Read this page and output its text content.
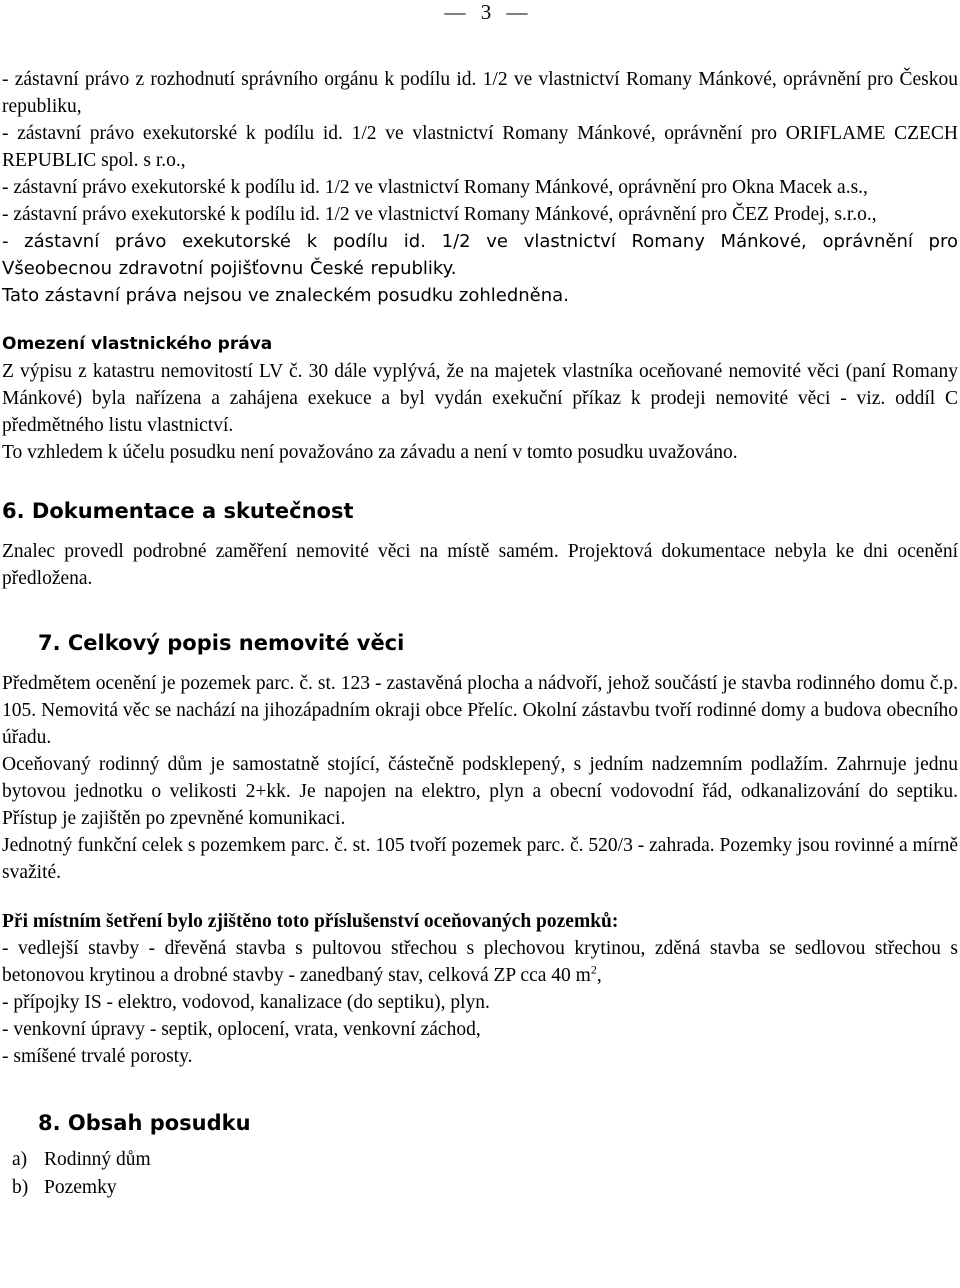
— 3 —

- zástavní právo z rozhodnutí správního orgánu k podílu id. 1/2 ve vlastnictví Romany Mánkové, oprávnění pro Českou republiku,

- zástavní právo exekutorské k podílu id. 1/2 ve vlastnictví Romany Mánkové, oprávnění pro ORIFLAME CZECH REPUBLIC spol. s r.o.,

- zástavní právo exekutorské k podílu id. 1/2 ve vlastnictví Romany Mánkové, oprávnění pro Okna Macek a.s.,

- zástavní právo exekutorské k podílu id. 1/2 ve vlastnictví Romany Mánkové, oprávnění pro ČEZ Prodej, s.r.o.,

- zástavní právo exekutorské k podílu id. 1/2 ve vlastnictví Romany Mánkové, oprávnění pro Všeobecnou zdravotní pojišťovnu České republiky.

Tato zástavní práva nejsou ve znaleckém posudku zohledněna.

Omezení vlastnického práva

Z výpisu z katastru nemovitostí LV č. 30 dále vyplývá, že na majetek vlastníka oceňované nemovité věci (paní Romany Mánkové) byla nařízena a zahájena exekuce a byl vydán exekuční příkaz k prodeji nemovité věci - viz. oddíl C předmětného listu vlastnictví.

To vzhledem k účelu posudku není považováno za závadu a není v tomto posudku uvažováno.

6. Dokumentace a skutečnost

Znalec provedl podrobné zaměření nemovité věci na místě samém. Projektová dokumentace nebyla ke dni ocenění předložena.

7. Celkový popis nemovité věci

Předmětem ocenění je pozemek parc. č. st. 123 - zastavěná plocha a nádvoří, jehož součástí je stavba rodinného domu č.p. 105. Nemovitá věc se nachází na jihozápadním okraji obce Přelíc. Okolní zástavbu tvoří rodinné domy a budova obecního úřadu.

Oceňovaný rodinný dům je samostatně stojící, částečně podsklepený, s jedním nadzemním podlažím. Zahrnuje jednu bytovou jednotku o velikosti 2+kk. Je napojen na elektro, plyn a obecní vodovodní řád, odkanalizování do septiku. Přístup je zajištěn po zpevněné komunikaci.

Jednotný funkční celek s pozemkem parc. č. st. 105 tvoří pozemek parc. č. 520/3 - zahrada. Pozemky jsou rovinné a mírně svažité.

Při místním šetření bylo zjištěno toto příslušenství oceňovaných pozemků:

- vedlejší stavby - dřevěná stavba s pultovou střechou s plechovou krytinou, zděná stavba se sedlovou střechou s betonovou krytinou a drobné stavby - zanedbaný stav, celková ZP cca 40 $m^2$,

- přípojky IS - elektro, vodovod, kanalizace (do septiku), plyn.

- venkovní úpravy - septik, oplocení, vrata, venkovní záchod,

- smíšené trvalé porosty.

8. Obsah posudku
a) Rodinný dům
b) Pozemky
